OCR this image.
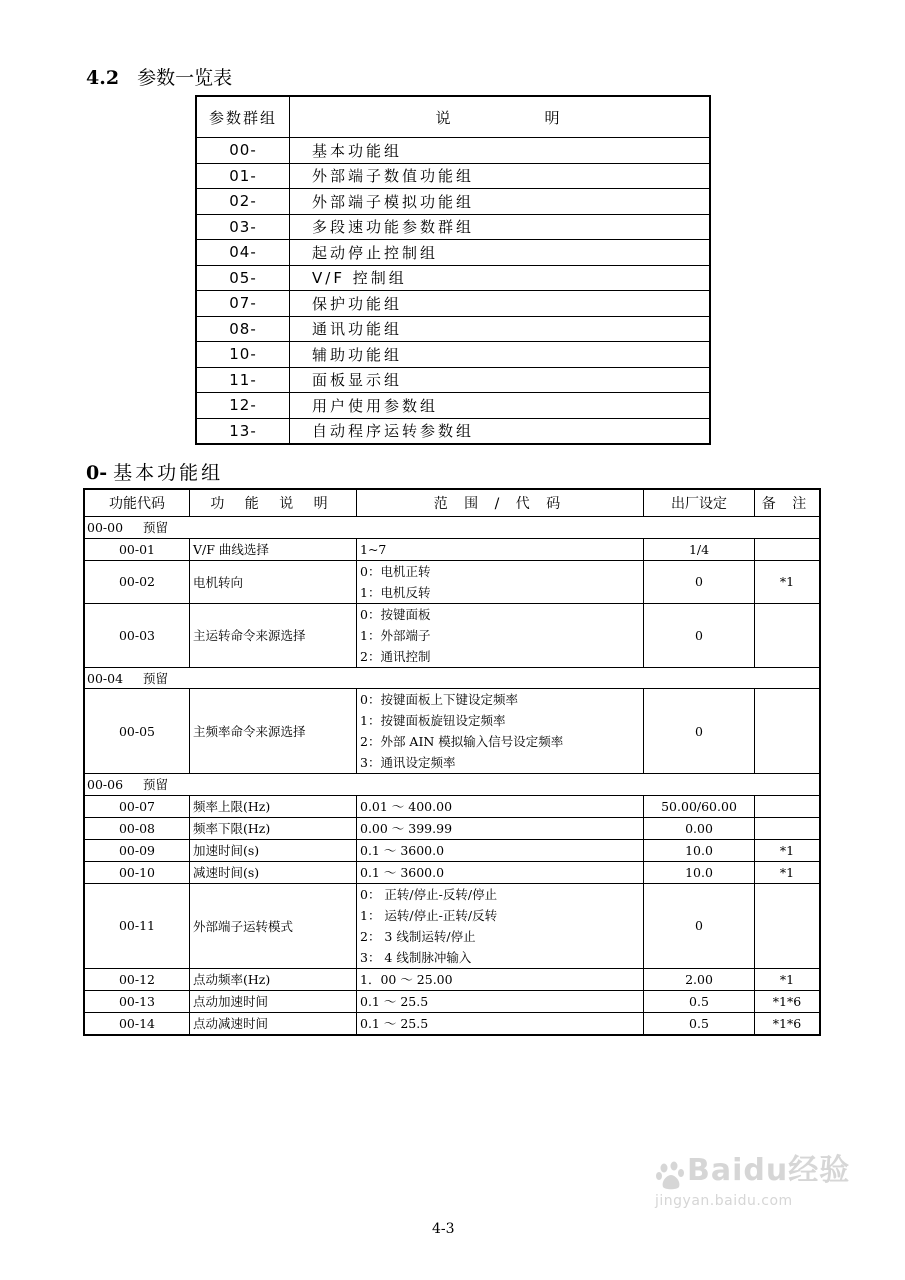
4.2 参数一览表
参数群组	说 明
00-	基本功能组
01-	外部端子数值功能组
02-	外部端子模拟功能组
03-	多段速功能参数群组
04-	起动停止控制组
05-	V/F 控制组
07-	保护功能组
08-	通讯功能组
10-	辅助功能组
11-	面板显示组
12-	用户使用参数组
13-	自动程序运转参数组
0- 基本功能组
功能代码	功 能 说 明	范 围 / 代 码	出厂设定	备 注
00-00 预留				
00-01	V/F 曲线选择	1~7	1/4	
00-02	电机转向	0：电机正转
1：电机反转	0	*1
00-03	主运转命令来源选择	0：按键面板
1：外部端子
2：通讯控制	0	
00-04 预留				
00-05	主频率命令来源选择	0：按键面板上下键设定频率
1：按键面板旋钮设定频率
2：外部 AIN 模拟输入信号设定频率
3：通讯设定频率	0	
00-06 预留				
00-07	频率上限(Hz)	0.01 ～ 400.00	50.00/60.00	
00-08	频率下限(Hz)	0.00 ～ 399.99	0.00	
00-09	加速时间(s)	0.1 ～ 3600.0	10.0	*1
00-10	减速时间(s)	0.1 ～ 3600.0	10.0	*1
00-11	外部端子运转模式	0： 正转/停止-反转/停止
1： 运转/停止-正转/反转
2： 3 线制运转/停止
3： 4 线制脉冲输入	0	
00-12	点动频率(Hz)	1．00 ～ 25.00	2.00	*1
00-13	点动加速时间	0.1 ～ 25.5	0.5	*1*6
00-14	点动减速时间	0.1 ～ 25.5	0.5	*1*6
4-3
Baidu经验
jingyan.baidu.com
